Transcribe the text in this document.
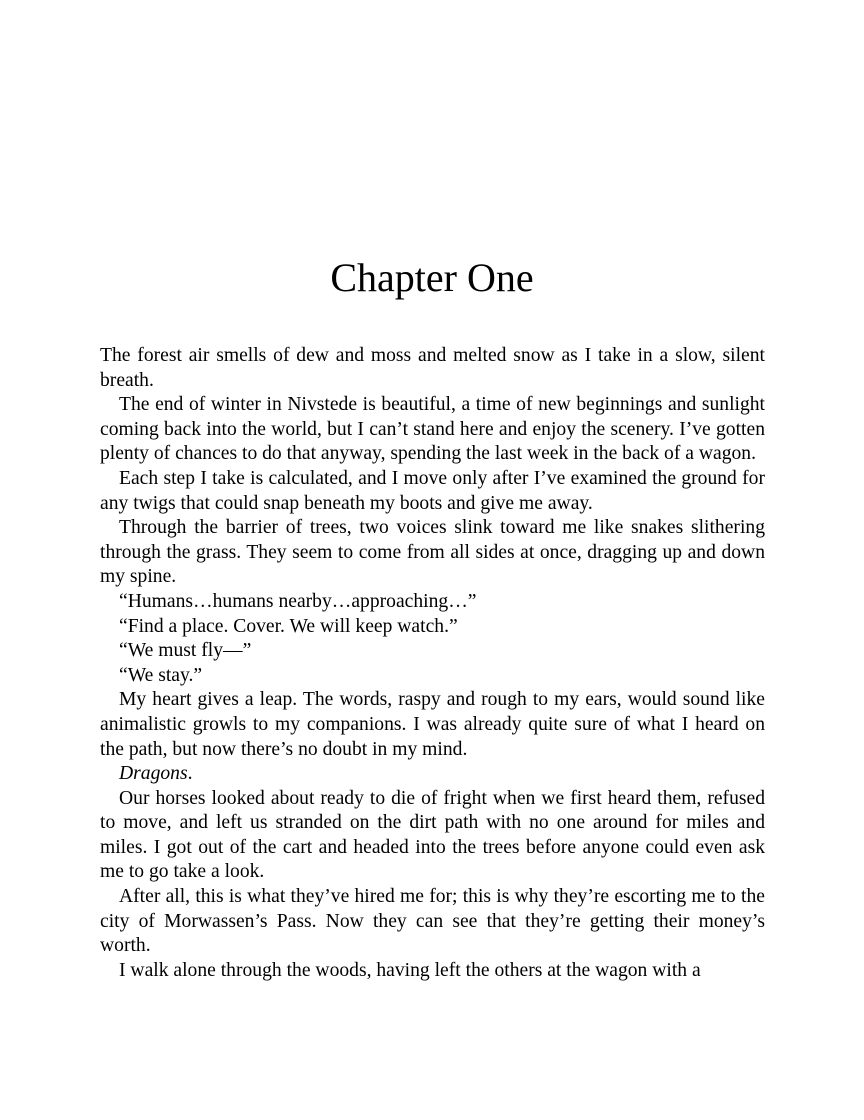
Chapter One

The forest air smells of dew and moss and melted snow as I take in a slow, silent breath.

The end of winter in Nivstede is beautiful, a time of new beginnings and sunlight coming back into the world, but I can’t stand here and enjoy the scenery. I’ve gotten plenty of chances to do that anyway, spending the last week in the back of a wagon.

Each step I take is calculated, and I move only after I’ve examined the ground for any twigs that could snap beneath my boots and give me away.

Through the barrier of trees, two voices slink toward me like snakes slithering through the grass. They seem to come from all sides at once, dragging up and down my spine.

“Humans…humans nearby…approaching…”

“Find a place. Cover. We will keep watch.”

“We must fly—”

“We stay.”

My heart gives a leap. The words, raspy and rough to my ears, would sound like animalistic growls to my companions. I was already quite sure of what I heard on the path, but now there’s no doubt in my mind.

Dragons.

Our horses looked about ready to die of fright when we first heard them, refused to move, and left us stranded on the dirt path with no one around for miles and miles. I got out of the cart and headed into the trees before anyone could even ask me to go take a look.

After all, this is what they’ve hired me for; this is why they’re escorting me to the city of Morwassen’s Pass. Now they can see that they’re getting their money’s worth.

I walk alone through the woods, having left the others at the wagon with a
